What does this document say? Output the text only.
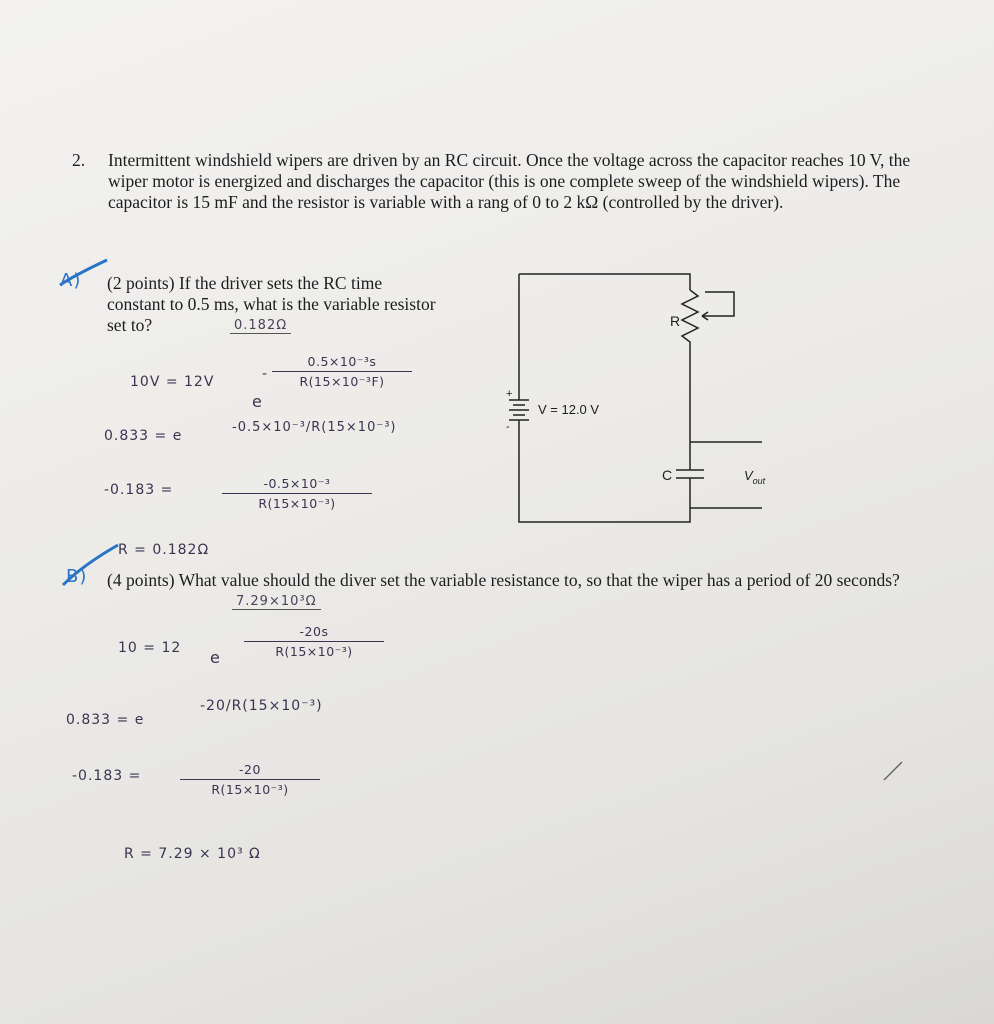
2. Intermittent windshield wipers are driven by an RC circuit. Once the voltage across the capacitor reaches 10 V, the wiper motor is energized and discharges the capacitor (this is one complete sweep of the windshield wipers). The capacitor is 15 mF and the resistor is variable with a rang of 0 to 2 kΩ (controlled by the driver).
A) (2 points) If the driver sets the RC time constant to 0.5 ms, what is the variable resistor set to?	0.182Ω
10V = 12V
e
-
0.5×10⁻³s
R(15×10⁻³F)
0.833 = e
-0.5×10⁻³/R(15×10⁻³)
-0.183 =	-0.5×10⁻³
R(15×10⁻³)
R = 0.182Ω
B) (4 points) What value should the diver set the variable resistance to, so that the wiper has a period of 20 seconds?
7.29×10³Ω
10 = 12 e
-20s
R(15×10⁻³)
0.833 = e
-20/R(15×10⁻³)
-0.183 =	-20
R(15×10⁻³)
R = 7.29 × 10³ Ω
+
-
V = 12.0 V
R
C	$V_{out}$
